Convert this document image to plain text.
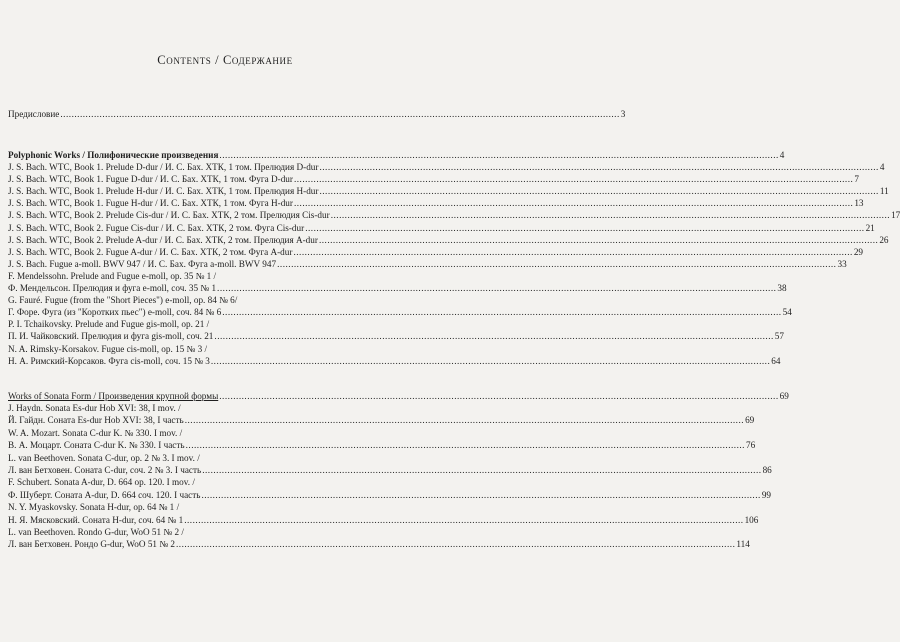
Contents / Содержание
Предисловие ........................................................................................................................................................................................................ 3
Polyphonic Works / Полифонические произведения ........................................................................................................................................................................................................ 4
J. S. Bach. WTC, Book 1. Prelude D-dur / И. С. Бах. ХТК, 1 том. Прелюдия D-dur ........................................................................................................................................................................................................ 4
J. S. Bach. WTC, Book 1. Fugue D-dur / И. С. Бах. ХТК, 1 том. Фуга D-dur ........................................................................................................................................................................................................ 7
J. S. Bach. WTC, Book 1. Prelude H-dur / И. С. Бах. ХТК, 1 том. Прелюдия H-dur ........................................................................................................................................................................................................ 11
J. S. Bach. WTC, Book 1. Fugue H-dur / И. С. Бах. ХТК, 1 том. Фуга H-dur ........................................................................................................................................................................................................ 13
J. S. Bach. WTC, Book 2. Prelude Cis-dur / И. С. Бах. ХТК, 2 том. Прелюдия Cis-dur ........................................................................................................................................................................................................ 17
J. S. Bach. WTC, Book 2. Fugue Cis-dur / И. С. Бах. ХТК, 2 том. Фуга Cis-dur ........................................................................................................................................................................................................ 21
J. S. Bach. WTC, Book 2. Prelude A-dur / И. С. Бах. ХТК, 2 том. Прелюдия A-dur ........................................................................................................................................................................................................ 26
J. S. Bach. WTC, Book 2. Fugue A-dur / И. С. Бах. ХТК, 2 том. Фуга A-dur ........................................................................................................................................................................................................ 29
J. S. Bach. Fugue a-moll. BWV 947 / И. С. Бах. Фуга a-moll. BWV 947 ........................................................................................................................................................................................................ 33
F. Mendelssohn. Prelude and Fugue e-moll, op. 35 № 1 /
Ф. Мендельсон. Прелюдия и фуга e-moll, соч. 35 № 1 ........................................................................................................................................................................................................ 38
G. Fauré. Fugue (from the "Short Pieces") e-moll, op. 84 № 6/
Г. Форе. Фуга (из "Коротких пьес") e-moll, соч. 84 № 6 ........................................................................................................................................................................................................ 54
P. I. Tchaikovsky. Prelude and Fugue gis-moll, op. 21 /
П. И. Чайковский. Прелюдия и фуга gis-moll, соч. 21 ........................................................................................................................................................................................................ 57
N. A. Rimsky-Korsakov. Fugue cis-moll, op. 15 № 3 /
Н. А. Римский-Корсаков. Фуга cis-moll, соч. 15 № 3 ........................................................................................................................................................................................................ 64
Works of Sonata Form / Произведения крупной формы ........................................................................................................................................................................................................ 69
J. Haydn. Sonata Es-dur Hob XVI: 38, I mov. /
Й. Гайдн. Соната Es-dur Hob XVI: 38, I часть ........................................................................................................................................................................................................ 69
W. A. Mozart. Sonata C-dur K. № 330. I mov. /
В. А. Моцарт. Соната C-dur K. № 330. I часть ........................................................................................................................................................................................................ 76
L. van Beethoven. Sonata C-dur, op. 2 № 3. I mov. /
Л. ван Бетховен. Соната C-dur, соч. 2 № 3. I часть ........................................................................................................................................................................................................ 86
F. Schubert. Sonata A-dur, D. 664 op. 120. I mov. /
Ф. Шуберт. Соната A-dur, D. 664 соч. 120. I часть ........................................................................................................................................................................................................ 99
N. Y. Myaskovsky. Sonata H-dur, op. 64 № 1 /
Н. Я. Мясковский. Соната H-dur, соч. 64 № 1 ........................................................................................................................................................................................................ 106
L. van Beethoven. Rondo G-dur, WoO 51 № 2 /
Л. ван Бетховен. Рондо G-dur, WoO 51 № 2 ........................................................................................................................................................................................................ 114
